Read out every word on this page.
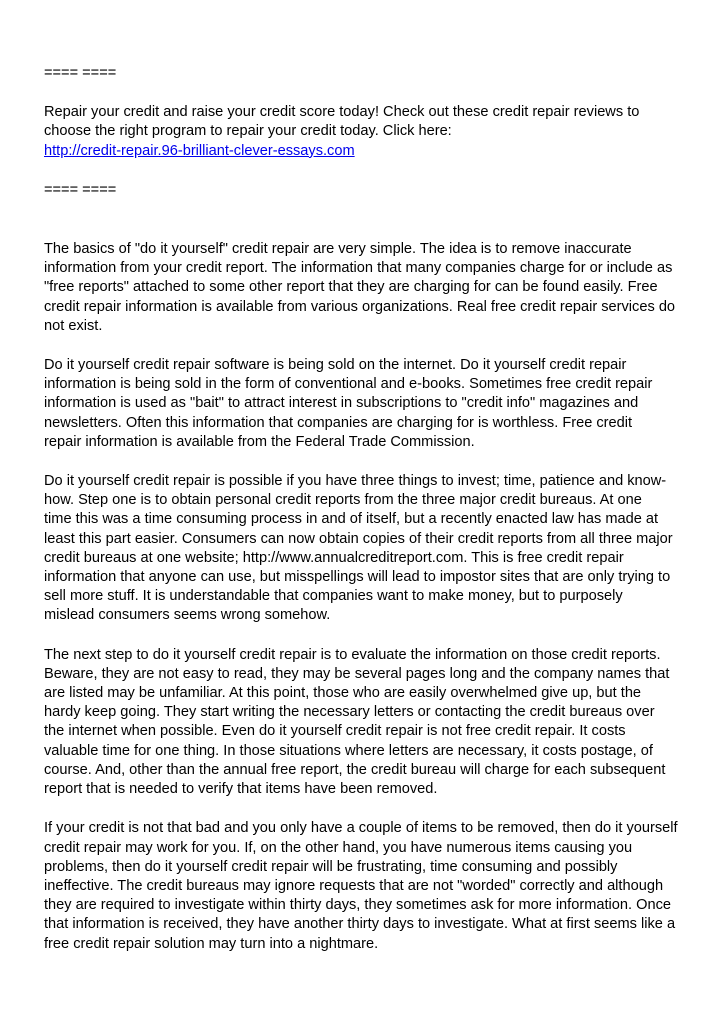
==== ====

Repair your credit and raise your credit score today! Check out these credit repair reviews to
choose the right program to repair your credit today. Click here:
http://credit-repair.96-brilliant-clever-essays.com

==== ====

The basics of "do it yourself" credit repair are very simple. The idea is to remove inaccurate
information from your credit report. The information that many companies charge for or include as
"free reports" attached to some other report that they are charging for can be found easily. Free
credit repair information is available from various organizations. Real free credit repair services do
not exist.

Do it yourself credit repair software is being sold on the internet. Do it yourself credit repair
information is being sold in the form of conventional and e-books. Sometimes free credit repair
information is used as "bait" to attract interest in subscriptions to "credit info" magazines and
newsletters. Often this information that companies are charging for is worthless. Free credit
repair information is available from the Federal Trade Commission.

Do it yourself credit repair is possible if you have three things to invest; time, patience and know-
how. Step one is to obtain personal credit reports from the three major credit bureaus. At one
time this was a time consuming process in and of itself, but a recently enacted law has made at
least this part easier. Consumers can now obtain copies of their credit reports from all three major
credit bureaus at one website; http://www.annualcreditreport.com. This is free credit repair
information that anyone can use, but misspellings will lead to impostor sites that are only trying to
sell more stuff. It is understandable that companies want to make money, but to purposely
mislead consumers seems wrong somehow.

The next step to do it yourself credit repair is to evaluate the information on those credit reports.
Beware, they are not easy to read, they may be several pages long and the company names that
are listed may be unfamiliar. At this point, those who are easily overwhelmed give up, but the
hardy keep going. They start writing the necessary letters or contacting the credit bureaus over
the internet when possible. Even do it yourself credit repair is not free credit repair. It costs
valuable time for one thing. In those situations where letters are necessary, it costs postage, of
course. And, other than the annual free report, the credit bureau will charge for each subsequent
report that is needed to verify that items have been removed.

If your credit is not that bad and you only have a couple of items to be removed, then do it yourself
credit repair may work for you. If, on the other hand, you have numerous items causing you
problems, then do it yourself credit repair will be frustrating, time consuming and possibly
ineffective. The credit bureaus may ignore requests that are not "worded" correctly and although
they are required to investigate within thirty days, they sometimes ask for more information. Once
that information is received, they have another thirty days to investigate. What at first seems like a
free credit repair solution may turn into a nightmare.
